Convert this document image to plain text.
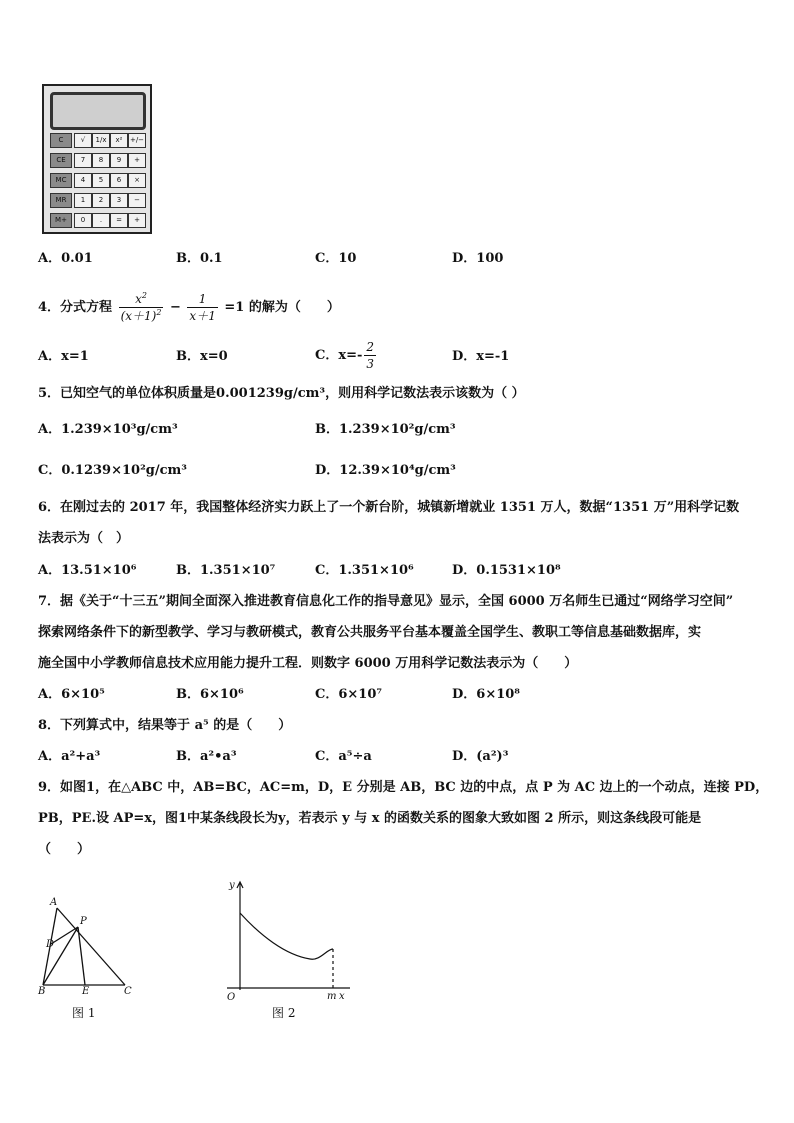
C	√	1/x	x²	+/−
CE	7	8	9	+
MC	4	5	6	×
MR	1	2	3	−
M+	0	.	=	+
A．0.01	B．0.1	C．10	D．100
4．分式方程 $\frac{x^2}{(x+1)^2} - \frac{1}{x+1} =1$ 的解为（　　）
A．x=1	B．x=0	C．$x=- \frac{2}{3}$	D．x=-1
5．已知空气的单位体积质量是0.001239g/cm³，则用科学记数法表示该数为（ ）
A．1.239×10³g/cm³	B．1.239×10²g/cm³
C．0.1239×10²g/cm³	D．12.39×10⁴g/cm³
6．在刚过去的 2017 年，我国整体经济实力跃上了一个新台阶，城镇新增就业 1351 万人，数据“1351 万”用科学记数
法表示为（　）
A．13.51×10⁶	B．1.351×10⁷	C．1.351×10⁶	D．0.1531×10⁸
7．据《关于“十三五”期间全面深入推进教育信息化工作的指导意见》显示，全国 6000 万名师生已通过“网络学习空间”
探索网络条件下的新型教学、学习与教研模式，教育公共服务平台基本覆盖全国学生、教职工等信息基础数据库，实
施全国中小学教师信息技术应用能力提升工程．则数字 6000 万用科学记数法表示为（　　）
A．6×10⁵	B．6×10⁶	C．6×10⁷	D．6×10⁸
8．下列算式中，结果等于 a⁵ 的是（　　）
A．a²+a³	B．a²•a³	C．a⁵÷a	D．(a²)³
9．如图1，在△ABC 中，AB=BC，AC=m，D，E 分别是 AB，BC 边的中点，点 P 为 AC 边上的一个动点，连接 PD，
PB，PE.设 AP=x，图1中某条线段长为y，若表示 y 与 x 的函数关系的图象大致如图 2 所示，则这条线段可能是
（　　）
A
P
D
B	E	C
图 1
y
O	m x
图 2
